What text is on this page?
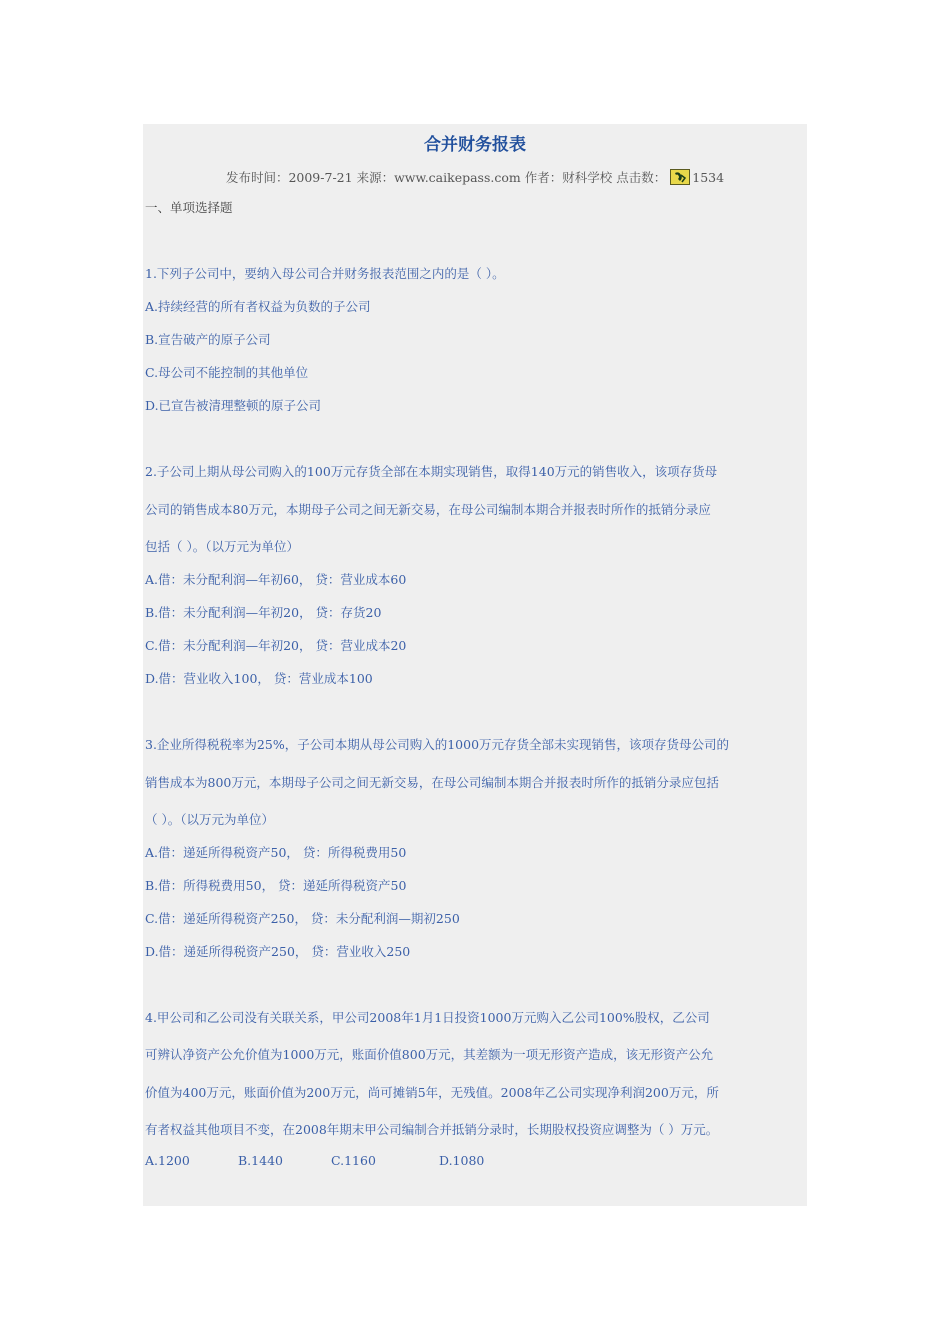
合并财务报表
发布时间：2009-7-21 来源：www.caikepass.com 作者：财科学校 点击数： 1534
一、单项选择题
1.下列子公司中，要纳入母公司合并财务报表范围之内的是（ ）。
A.持续经营的所有者权益为负数的子公司
B.宣告破产的原子公司
C.母公司不能控制的其他单位
D.已宣告被清理整顿的原子公司
2.子公司上期从母公司购入的100万元存货全部在本期实现销售，取得140万元的销售收入，该项存货母
公司的销售成本80万元，本期母子公司之间无新交易，在母公司编制本期合并报表时所作的抵销分录应
包括（ ）。（以万元为单位）
A.借：未分配利润—年初60， 贷：营业成本60
B.借：未分配利润—年初20， 贷：存货20
C.借：未分配利润—年初20， 贷：营业成本20
D.借：营业收入100， 贷：营业成本100
3.企业所得税税率为25%，子公司本期从母公司购入的1000万元存货全部未实现销售，该项存货母公司的
销售成本为800万元，本期母子公司之间无新交易，在母公司编制本期合并报表时所作的抵销分录应包括
（ ）。（以万元为单位）
A.借：递延所得税资产50， 贷：所得税费用50
B.借：所得税费用50， 贷：递延所得税资产50
C.借：递延所得税资产250， 贷：未分配利润—期初250
D.借：递延所得税资产250， 贷：营业收入250
4.甲公司和乙公司没有关联关系，甲公司2008年1月1日投资1000万元购入乙公司100%股权，乙公司
可辨认净资产公允价值为1000万元，账面价值800万元，其差额为一项无形资产造成，该无形资产公允
价值为400万元，账面价值为200万元，尚可摊销5年，无残值。2008年乙公司实现净利润200万元，所
有者权益其他项目不变，在2008年期末甲公司编制合并抵销分录时，长期股权投资应调整为（ ）万元。
A.1200	B.1440	C.1160	D.1080
